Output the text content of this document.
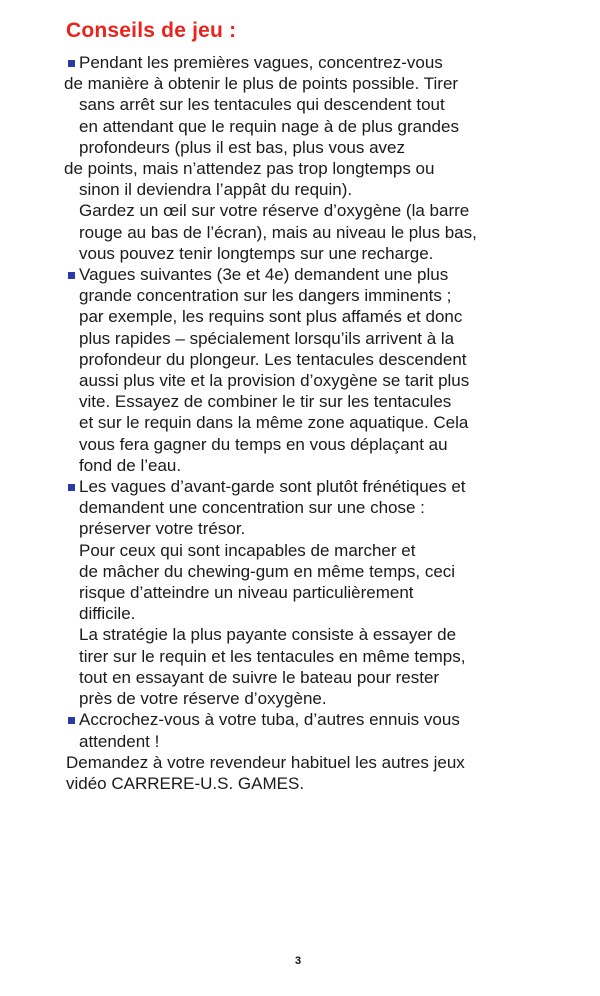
Conseils de jeu :
Pendant les premières vagues, concentrez-vous
de manière à obtenir le plus de points possible. Tirer
sans arrêt sur les tentacules qui descendent tout
en attendant que le requin nage à de plus grandes
profondeurs (plus il est bas, plus vous avez
de points, mais n’attendez pas trop longtemps ou
sinon il deviendra l’appât du requin).
Gardez un œil sur votre réserve d’oxygène (la barre
rouge au bas de l’écran), mais au niveau le plus bas,
vous pouvez tenir longtemps sur une recharge.
Vagues suivantes (3e et 4e) demandent une plus
grande concentration sur les dangers imminents ;
par exemple, les requins sont plus affamés et donc
plus rapides – spécialement lorsqu’ils arrivent à la
profondeur du plongeur. Les tentacules descendent
aussi plus vite et la provision d’oxygène se tarit plus
vite. Essayez de combiner le tir sur les tentacules
et sur le requin dans la même zone aquatique. Cela
vous fera gagner du temps en vous déplaçant au
fond de l’eau.
Les vagues d’avant-garde sont plutôt frénétiques et
demandent une concentration sur une chose :
préserver votre trésor.
Pour ceux qui sont incapables de marcher et
de mâcher du chewing-gum en même temps, ceci
risque d’atteindre un niveau particulièrement
difficile.
La stratégie la plus payante consiste à essayer de
tirer sur le requin et les tentacules en même temps,
tout en essayant de suivre le bateau pour rester
près de votre réserve d’oxygène.
Accrochez-vous à votre tuba, d’autres ennuis vous
attendent !
Demandez à votre revendeur habituel les autres jeux
vidéo CARRERE-U.S. GAMES.
3
